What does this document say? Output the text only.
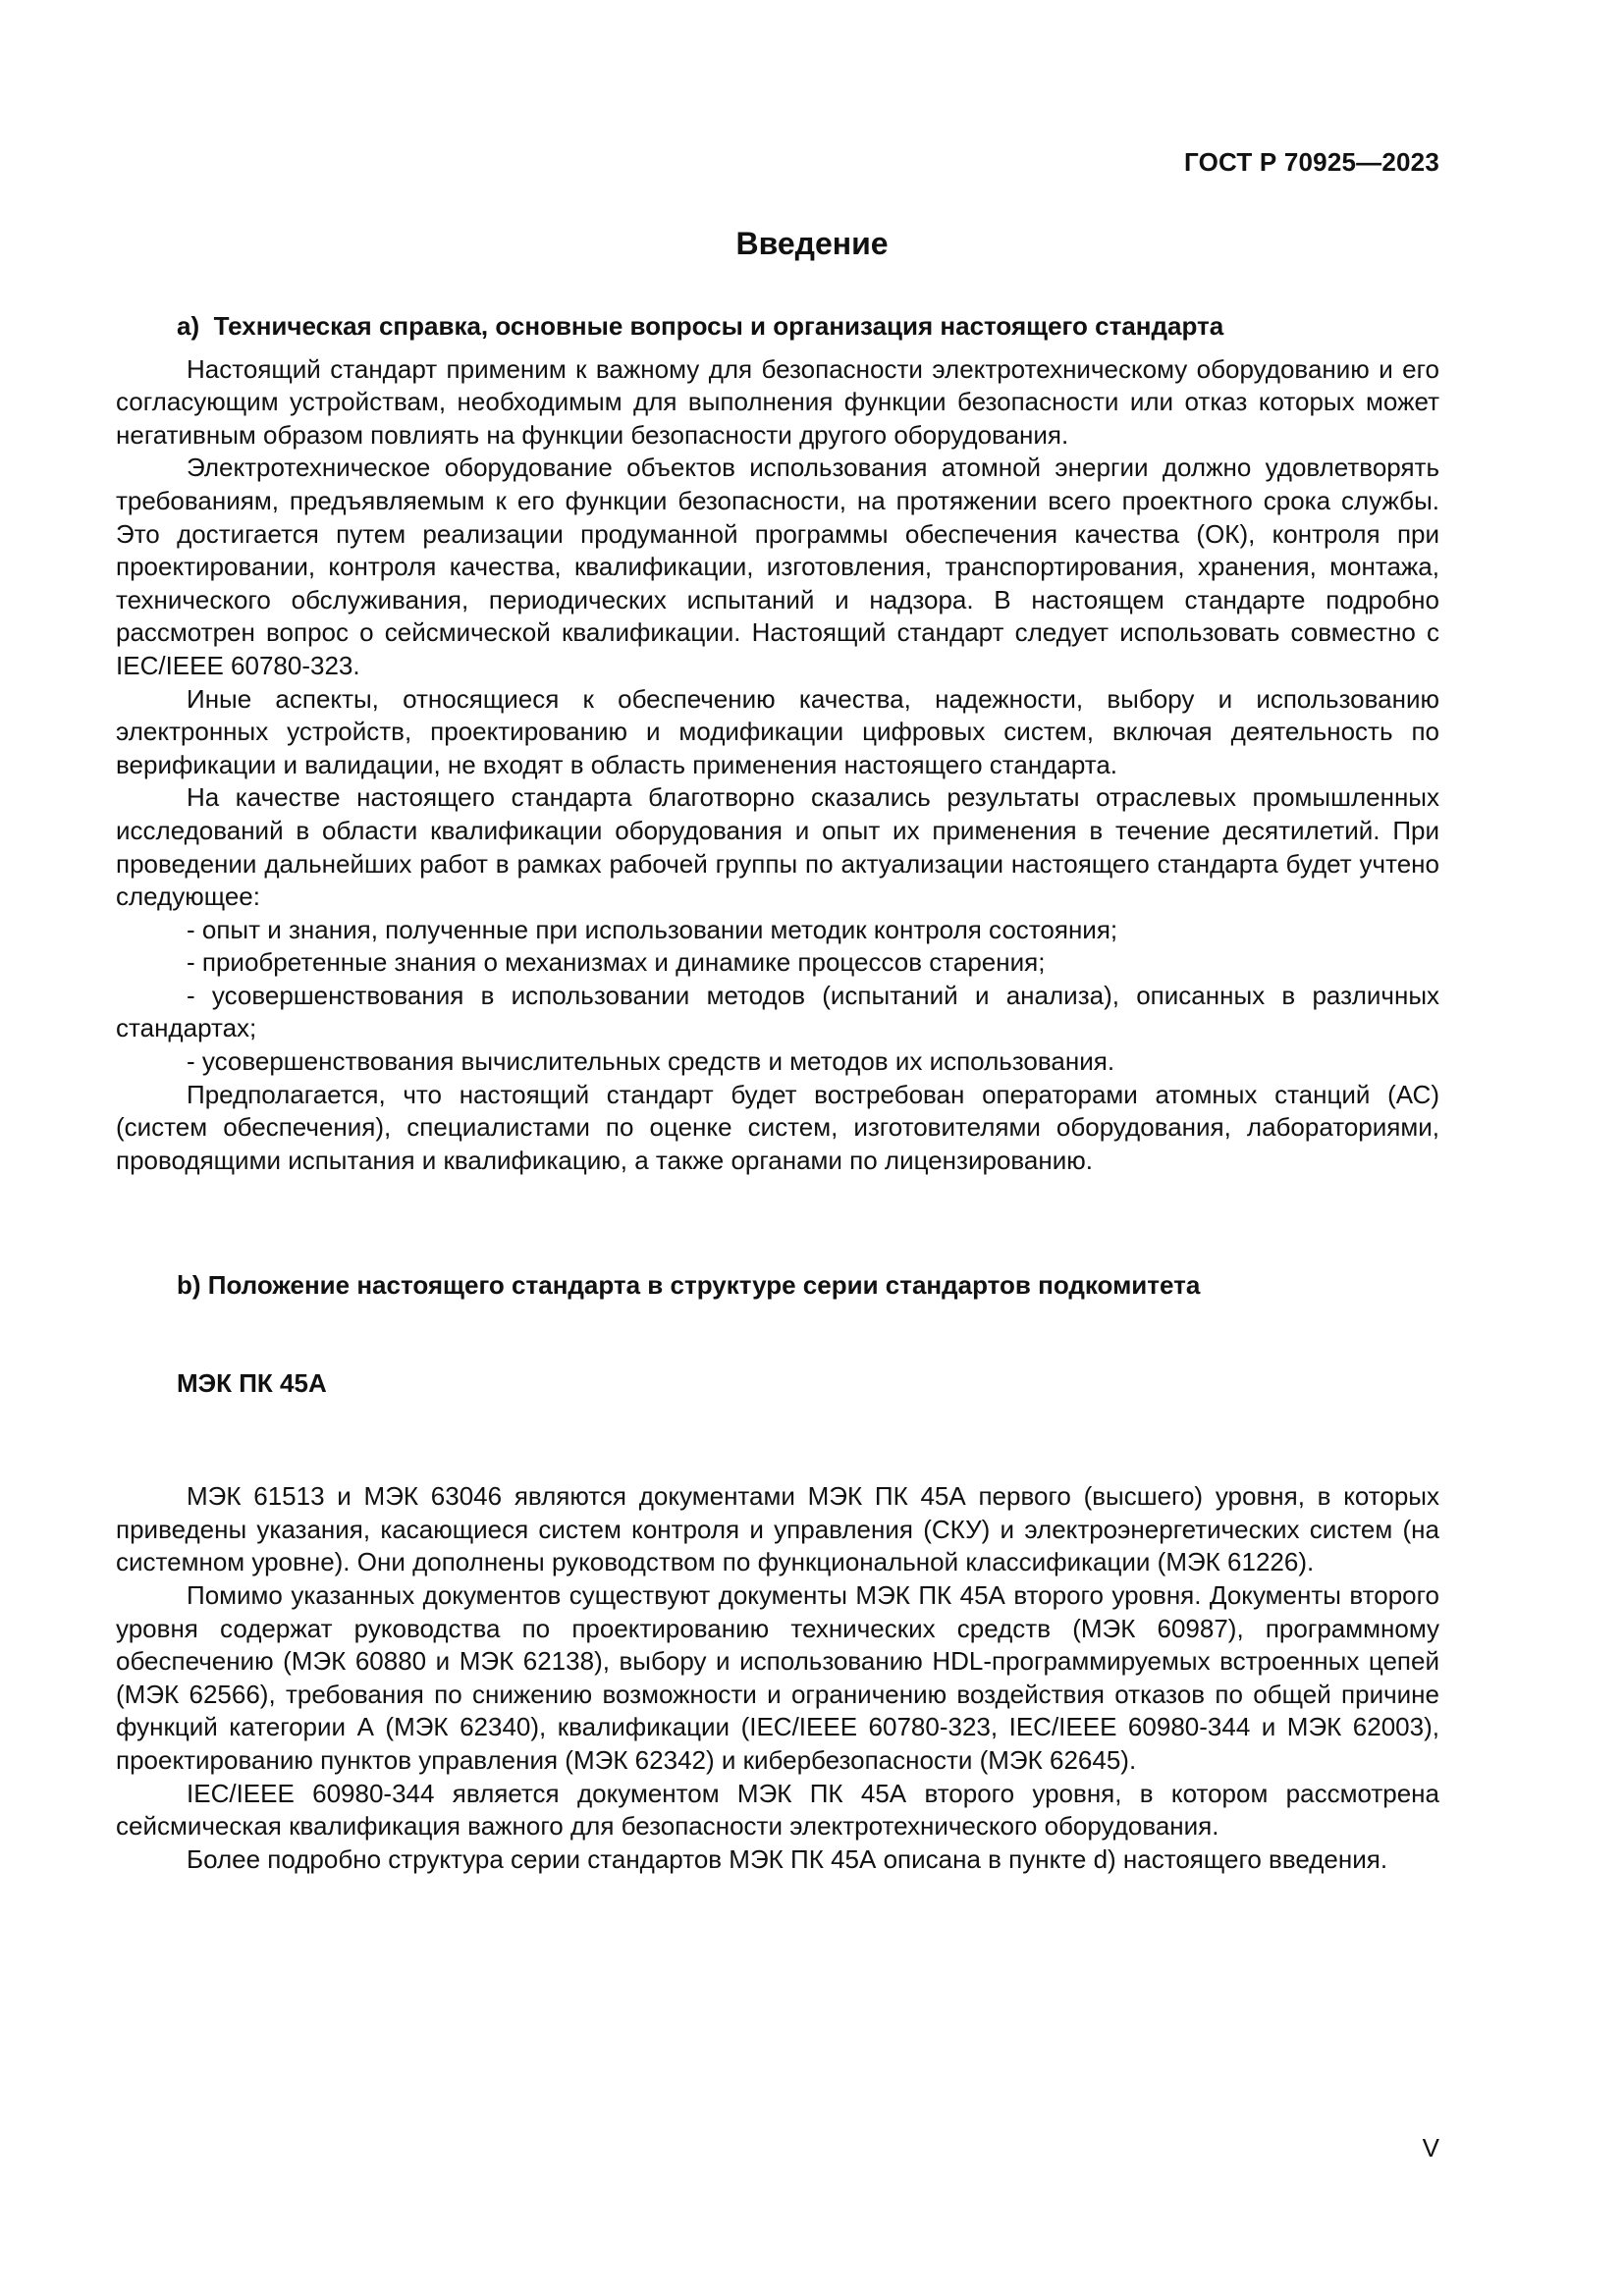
ГОСТ Р 70925—2023
Введение
а)  Техническая справка, основные вопросы и организация настоящего стандарта

Настоящий стандарт применим к важному для безопасности электротехническому оборудованию и его согласующим устройствам, необходимым для выполнения функции безопасности или отказ которых может негативным образом повлиять на функции безопасности другого оборудования.

Электротехническое оборудование объектов использования атомной энергии должно удовлетворять требованиям, предъявляемым к его функции безопасности, на протяжении всего проектного срока службы. Это достигается путем реализации продуманной программы обеспечения качества (ОК), контроля при проектировании, контроля качества, квалификации, изготовления, транспортирования, хранения, монтажа, технического обслуживания, периодических испытаний и надзора. В настоящем стандарте подробно рассмотрен вопрос о сейсмической квалификации. Настоящий стандарт следует использовать совместно с IEC/IEEE 60780-323.

Иные аспекты, относящиеся к обеспечению качества, надежности, выбору и использованию электронных устройств, проектированию и модификации цифровых систем, включая деятельность по верификации и валидации, не входят в область применения настоящего стандарта.

На качестве настоящего стандарта благотворно сказались результаты отраслевых промышленных исследований в области квалификации оборудования и опыт их применения в течение десятилетий. При проведении дальнейших работ в рамках рабочей группы по актуализации настоящего стандарта будет учтено следующее:

- опыт и знания, полученные при использовании методик контроля состояния;

- приобретенные знания о механизмах и динамике процессов старения;

- усовершенствования в использовании методов (испытаний и анализа), описанных в различных стандартах;

- усовершенствования вычислительных средств и методов их использования.

Предполагается, что настоящий стандарт будет востребован операторами атомных станций (АС) (систем обеспечения), специалистами по оценке систем, изготовителями оборудования, лабораториями, проводящими испытания и квалификацию, а также органами по лицензированию.

b) Положение настоящего стандарта в структуре серии стандартов подкомитета

МЭК ПК 45А

МЭК 61513 и МЭК 63046 являются документами МЭК ПК 45А первого (высшего) уровня, в которых приведены указания, касающиеся систем контроля и управления (СКУ) и электроэнергетических систем (на системном уровне). Они дополнены руководством по функциональной классификации (МЭК 61226).

Помимо указанных документов существуют документы МЭК ПК 45А второго уровня. Документы второго уровня содержат руководства по проектированию технических средств (МЭК 60987), программному обеспечению (МЭК 60880 и МЭК 62138), выбору и использованию HDL-программируемых встроенных цепей (МЭК 62566), требования по снижению возможности и ограничению воздействия отказов по общей причине функций категории А (МЭК 62340), квалификации (IEC/IEEE 60780-323, IEC/IEEE 60980-344 и МЭК 62003), проектированию пунктов управления (МЭК 62342) и кибербезопасности (МЭК 62645).

IEC/IEEE 60980-344 является документом МЭК ПК 45А второго уровня, в котором рассмотрена сейсмическая квалификация важного для безопасности электротехнического оборудования.

Более подробно структура серии стандартов МЭК ПК 45А описана в пункте d) настоящего введения.

V
